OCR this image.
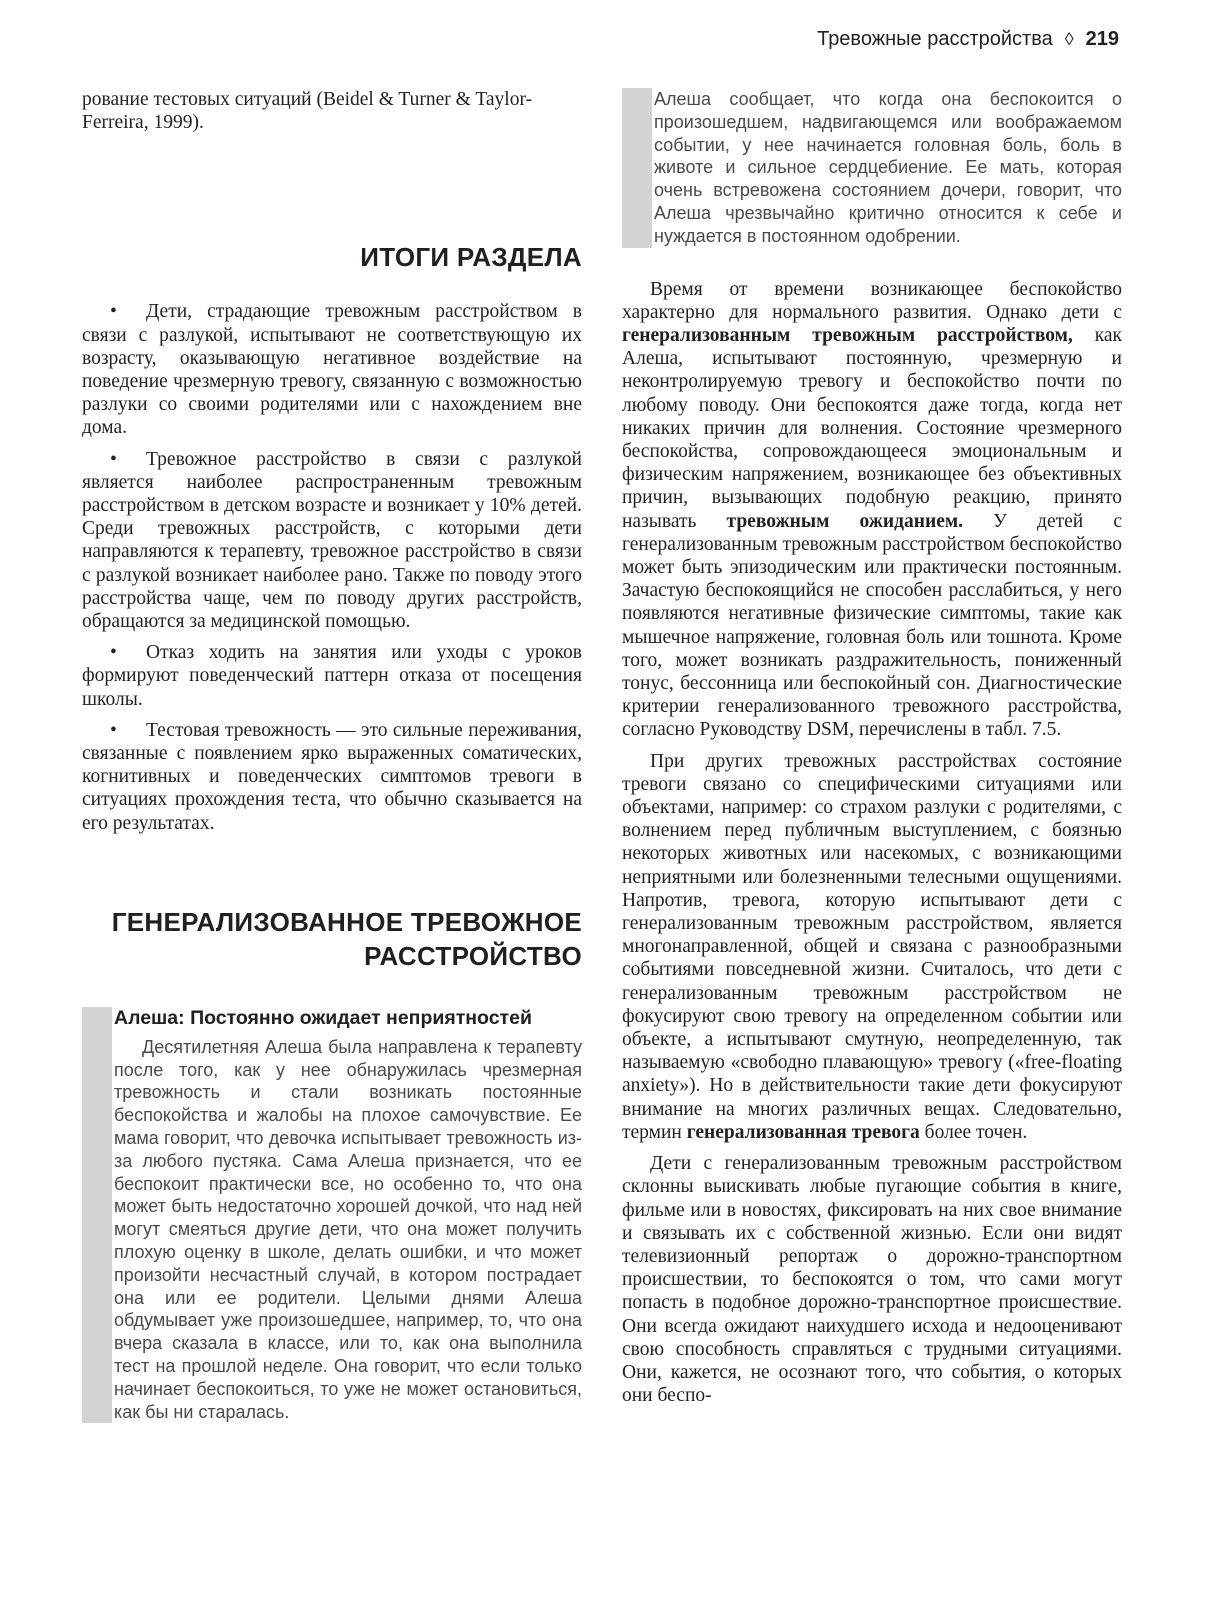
Тревожные расстройства ◊ 219

рование тестовых ситуаций (Beidel & Turner & Taylor-Ferreira, 1999).

ИТОГИ РАЗДЕЛА
• Дети, страдающие тревожным расстройством в связи с разлукой, испытывают не соответствующую их возрасту, оказывающую негативное воздействие на поведение чрезмерную тревогу, связанную с возможностью разлуки со своими родителями или с нахождением вне дома.
• Тревожное расстройство в связи с разлукой является наиболее распространенным тревожным расстройством в детском возрасте и возникает у 10% детей. Среди тревожных расстройств, с которыми дети направляются к терапевту, тревожное расстройство в связи с разлукой возникает наиболее рано. Также по поводу этого расстройства чаще, чем по поводу других расстройств, обращаются за медицинской помощью.
• Отказ ходить на занятия или уходы с уроков формируют поведенческий паттерн отказа от посещения школы.
• Тестовая тревожность — это сильные переживания, связанные с появлением ярко выраженных соматических, когнитивных и поведенческих симптомов тревоги в ситуациях прохождения теста, что обычно сказывается на его результатах.
ГЕНЕРАЛИЗОВАННОЕ ТРЕВОЖНОЕ
РАССТРОЙСТВО
Алеша: Постоянно ожидает неприятностей

Десятилетняя Алеша была направлена к терапевту после того, как у нее обнаружилась чрезмерная тревожность и стали возникать постоянные беспокойства и жалобы на плохое самочувствие. Ее мама говорит, что девочка испытывает тревожность из-за любого пустяка. Сама Алеша признается, что ее беспокоит практически все, но особенно то, что она может быть недостаточно хорошей дочкой, что над ней могут смеяться другие дети, что она может получить плохую оценку в школе, делать ошибки, и что может произойти несчастный случай, в котором пострадает она или ее родители. Целыми днями Алеша обдумывает уже произошедшее, например, то, что она вчера сказала в классе, или то, как она выполнила тест на прошлой неделе. Она говорит, что если только начинает беспокоиться, то уже не может остановиться, как бы ни старалась.

Алеша сообщает, что когда она беспокоится о произошедшем, надвигающемся или воображаемом событии, у нее начинается головная боль, боль в животе и сильное сердцебиение. Ее мать, которая очень встревожена состоянием дочери, говорит, что Алеша чрезвычайно критично относится к себе и нуждается в постоянном одобрении.

Время от времени возникающее беспокойство характерно для нормального развития. Однако дети с генерализованным тревожным расстройством, как Алеша, испытывают постоянную, чрезмерную и неконтролируемую тревогу и беспокойство почти по любому поводу. Они беспокоятся даже тогда, когда нет никаких причин для волнения. Состояние чрезмерного беспокойства, сопровождающееся эмоциональным и физическим напряжением, возникающее без объективных причин, вызывающих подобную реакцию, принято называть тревожным ожиданием. У детей с генерализованным тревожным расстройством беспокойство может быть эпизодическим или практически постоянным. Зачастую беспокоящийся не способен расслабиться, у него появляются негативные физические симптомы, такие как мышечное напряжение, головная боль или тошнота. Кроме того, может возникать раздражительность, пониженный тонус, бессонница или беспокойный сон. Диагностические критерии генерализованного тревожного расстройства, согласно Руководству DSM, перечислены в табл. 7.5.

При других тревожных расстройствах состояние тревоги связано со специфическими ситуациями или объектами, например: со страхом разлуки с родителями, с волнением перед публичным выступлением, с боязнью некоторых животных или насекомых, с возникающими неприятными или болезненными телесными ощущениями. Напротив, тревога, которую испытывают дети с генерализованным тревожным расстройством, является многонаправленной, общей и связана с разнообразными событиями повседневной жизни. Считалось, что дети с генерализованным тревожным расстройством не фокусируют свою тревогу на определенном событии или объекте, а испытывают смутную, неопределенную, так называемую «свободно плавающую» тревогу («free-floating anxiety»). Но в действительности такие дети фокусируют внимание на многих различных вещах. Следовательно, термин генерализованная тревога более точен.

Дети с генерализованным тревожным расстройством склонны выискивать любые пугающие события в книге, фильме или в новостях, фиксировать на них свое внимание и связывать их с собственной жизнью. Если они видят телевизионный репортаж о дорожно-транспортном происшествии, то беспокоятся о том, что сами могут попасть в подобное дорожно-транспортное происшествие. Они всегда ожидают наихудшего исхода и недооценивают свою способность справляться с трудными ситуациями. Они, кажется, не осознают того, что события, о которых они беспо-
